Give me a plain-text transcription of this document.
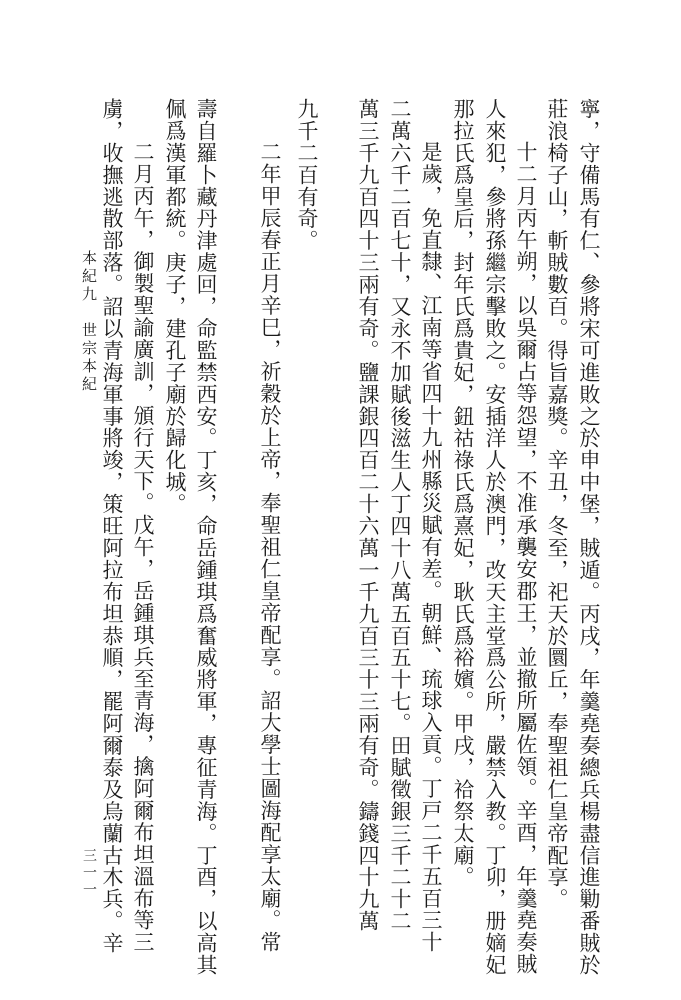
寧，守備馬有仁、參將宋可進敗之於申中堡，賊遁。丙戌，年羹堯奏總兵楊盡信進勦番賊於
莊浪椅子山，斬賊數百。得旨嘉獎。辛丑，冬至，祀天於圜丘，奉聖祖仁皇帝配享。
十二月丙午朔，以吳爾占等怨望，不准承襲安郡王，並撤所屬佐領。辛酉，年羹堯奏賊
人來犯，參將孫繼宗擊敗之。安插洋人於澳門，改天主堂爲公所，嚴禁入教。丁卯，册嫡妃
那拉氏爲皇后，封年氏爲貴妃，鈕祜祿氏爲熹妃，耿氏爲裕嬪。甲戌，祫祭太廟。
是歲，免直隸、江南等省四十九州縣災賦有差。朝鮮、琉球入貢。丁戸二千五百三十
二萬六千二百七十，又永不加賦後滋生人丁四十八萬五百五十七。田賦徵銀三千二十二
萬三千九百四十三兩有奇。鹽課銀四百二十六萬一千九百三十三兩有奇。鑄錢四十九萬
九千二百有奇。
二年甲辰春正月辛巳，祈穀於上帝，奉聖祖仁皇帝配享。詔大學士圖海配享太廟。常
壽自羅卜藏丹津處回，命監禁西安。丁亥，命岳鍾琪爲奮威將軍，專征青海。丁酉，以高其
佩爲漢軍都統。庚子，建孔子廟於歸化城。
二月丙午，御製聖諭廣訓，頒行天下。戊午，岳鍾琪兵至青海，擒阿爾布坦溫布等三
虜，收撫逃散部落。詔以青海軍事將竣，策旺阿拉布坦恭順，罷阿爾泰及烏蘭古木兵。辛
本紀九　世宗本紀
三一一
